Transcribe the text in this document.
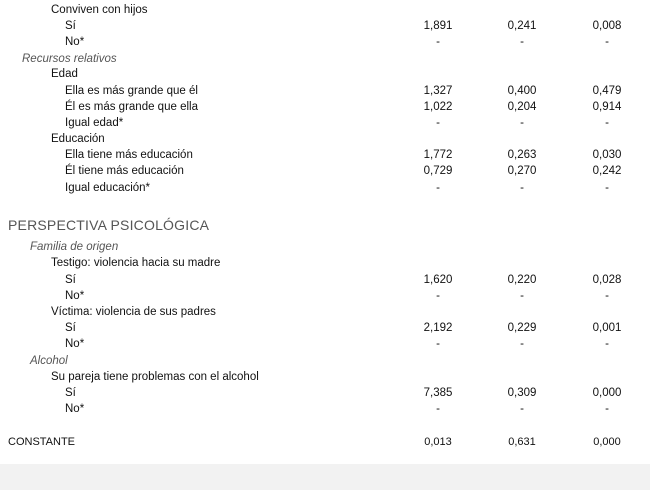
Conviven con hijos
Sí	1,891	0,241	0,008
No*	-	-	-
Recursos relativos
Edad
Ella es más grande que él	1,327	0,400	0,479
Él es más grande que ella	1,022	0,204	0,914
Igual edad*	-	-	-
Educación
Ella tiene más educación	1,772	0,263	0,030
Él tiene más educación	0,729	0,270	0,242
Igual educación*	-	-	-
PERSPECTIVA PSICOLÓGICA
Familia de origen
Testigo: violencia hacia su madre
Sí	1,620	0,220	0,028
No*	-	-	-
Víctima: violencia de sus padres
Sí	2,192	0,229	0,001
No*	-	-	-
Alcohol
Su pareja tiene problemas con el alcohol
Sí	7,385	0,309	0,000
No*	-	-	-
CONSTANTE	0,013	0,631	0,000
